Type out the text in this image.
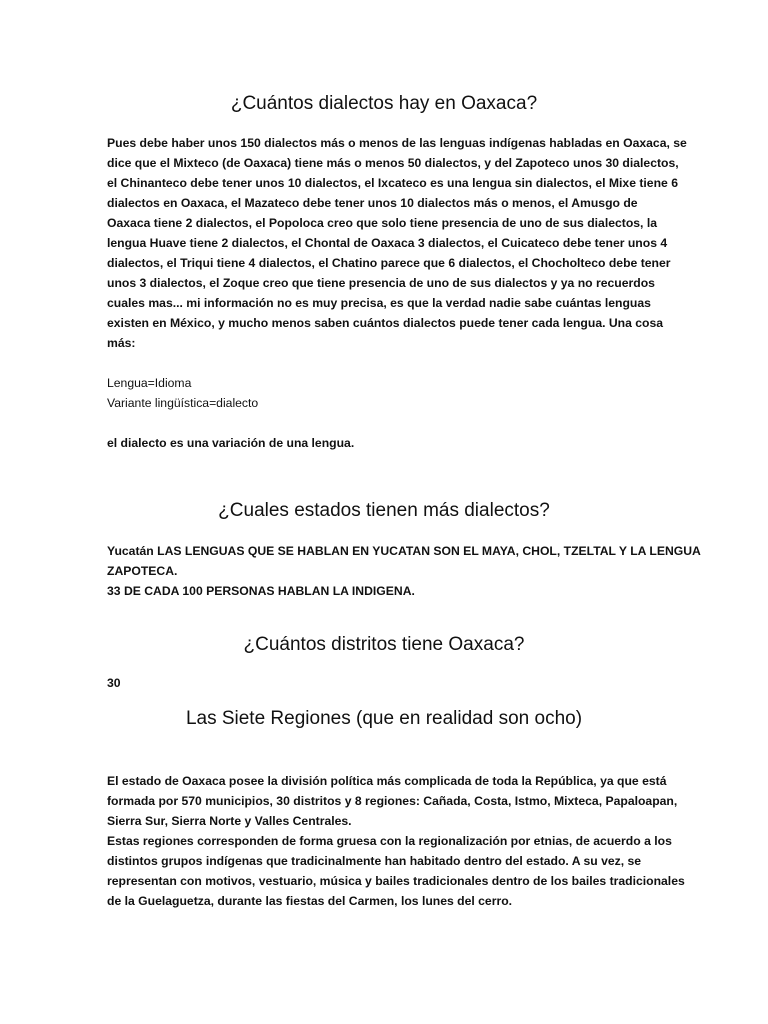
¿Cuántos dialectos hay en Oaxaca?

Pues debe haber unos 150 dialectos más o menos de las lenguas indígenas habladas en Oaxaca, se
dice que el Mixteco (de Oaxaca) tiene más o menos 50 dialectos, y del Zapoteco unos 30 dialectos,
el Chinanteco debe tener unos 10 dialectos, el Ixcateco es una lengua sin dialectos, el Mixe tiene 6
dialectos en Oaxaca, el Mazateco debe tener unos 10 dialectos más o menos, el Amusgo de
Oaxaca tiene 2 dialectos, el Popoloca creo que solo tiene presencia de uno de sus dialectos, la
lengua Huave tiene 2 dialectos, el Chontal de Oaxaca 3 dialectos, el Cuicateco debe tener unos 4
dialectos, el Triqui tiene 4 dialectos, el Chatino parece que 6 dialectos, el Chocholteco debe tener
unos 3 dialectos, el Zoque creo que tiene presencia de uno de sus dialectos y ya no recuerdos
cuales mas... mi información no es muy precisa, es que la verdad nadie sabe cuántas lenguas
existen en México, y mucho menos saben cuántos dialectos puede tener cada lengua. Una cosa
más:

Lengua=Idioma
Variante lingüística=dialecto

el dialecto es una variación de una lengua.

¿Cuales estados tienen más dialectos?

Yucatán LAS LENGUAS QUE SE HABLAN EN YUCATAN SON EL MAYA, CHOL, TZELTAL Y LA LENGUA
ZAPOTECA.
33 DE CADA 100 PERSONAS HABLAN LA INDIGENA.

¿Cuántos distritos tiene Oaxaca?

30

Las Siete Regiones (que en realidad son ocho)

El estado de Oaxaca posee la división política más complicada de toda la República, ya que está
formada por 570 municipios, 30 distritos y 8 regiones: Cañada, Costa, Istmo, Mixteca, Papaloapan,
Sierra Sur, Sierra Norte y Valles Centrales.
Estas regiones corresponden de forma gruesa con la regionalización por etnias, de acuerdo a los
distintos grupos indígenas que tradicinalmente han habitado dentro del estado. A su vez, se
representan con motivos, vestuario, música y bailes tradicionales dentro de los bailes tradicionales
de la Guelaguetza, durante las fiestas del Carmen, los lunes del cerro.
